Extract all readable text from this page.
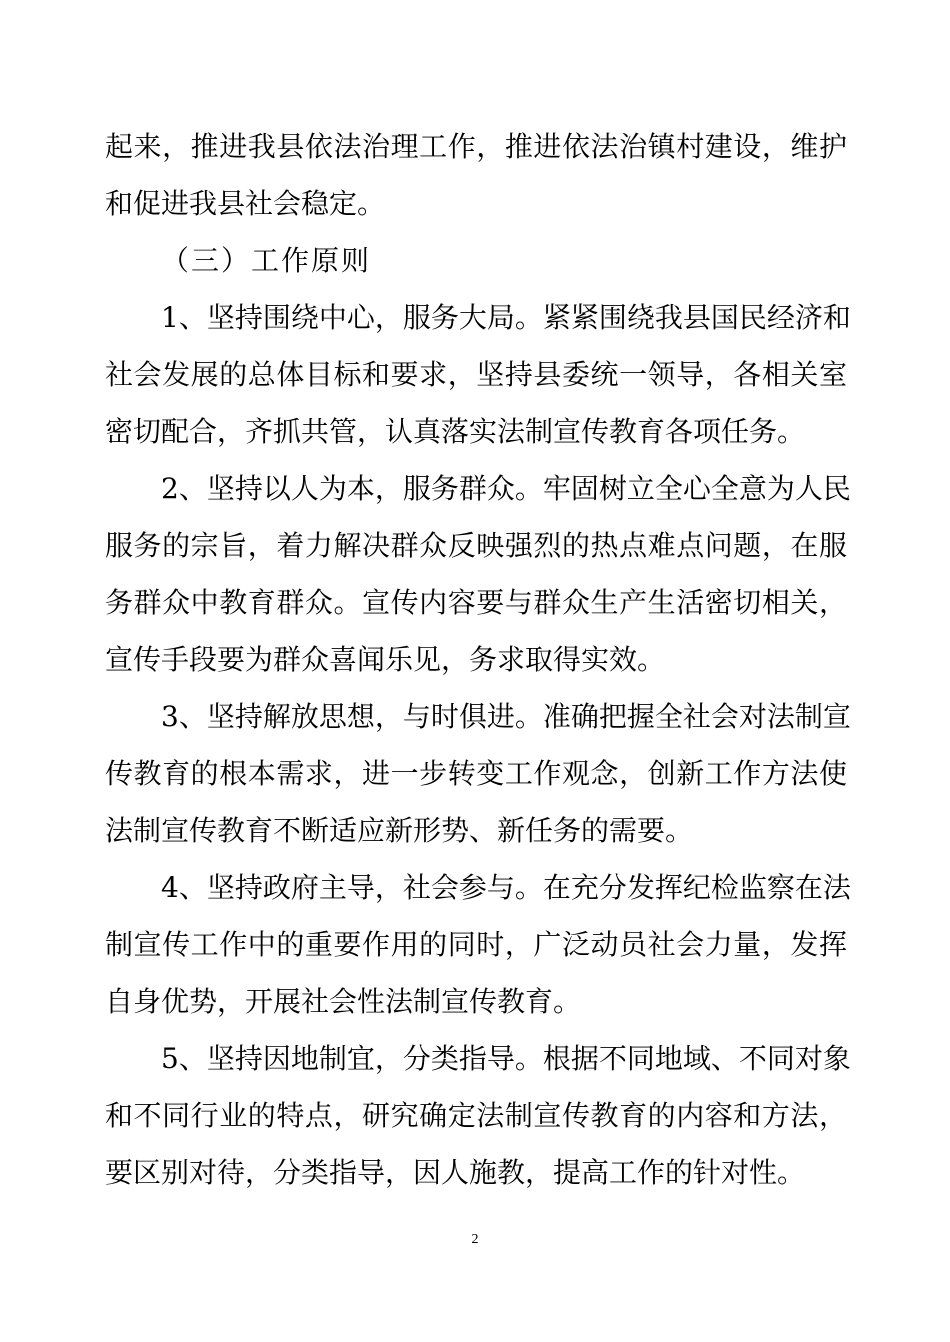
起来，推进我县依法治理工作，推进依法治镇村建设，维护
和促进我县社会稳定。
（三）工作原则
1、坚持围绕中心，服务大局。紧紧围绕我县国民经济和
社会发展的总体目标和要求，坚持县委统一领导，各相关室
密切配合，齐抓共管，认真落实法制宣传教育各项任务。
2、坚持以人为本，服务群众。牢固树立全心全意为人民
服务的宗旨，着力解决群众反映强烈的热点难点问题，在服
务群众中教育群众。宣传内容要与群众生产生活密切相关，
宣传手段要为群众喜闻乐见，务求取得实效。
3、坚持解放思想，与时俱进。准确把握全社会对法制宣
传教育的根本需求，进一步转变工作观念，创新工作方法使
法制宣传教育不断适应新形势、新任务的需要。
4、坚持政府主导，社会参与。在充分发挥纪检监察在法
制宣传工作中的重要作用的同时，广泛动员社会力量，发挥
自身优势，开展社会性法制宣传教育。
5、坚持因地制宜，分类指导。根据不同地域、不同对象
和不同行业的特点，研究确定法制宣传教育的内容和方法，
要区别对待，分类指导，因人施教，提高工作的针对性。
2
